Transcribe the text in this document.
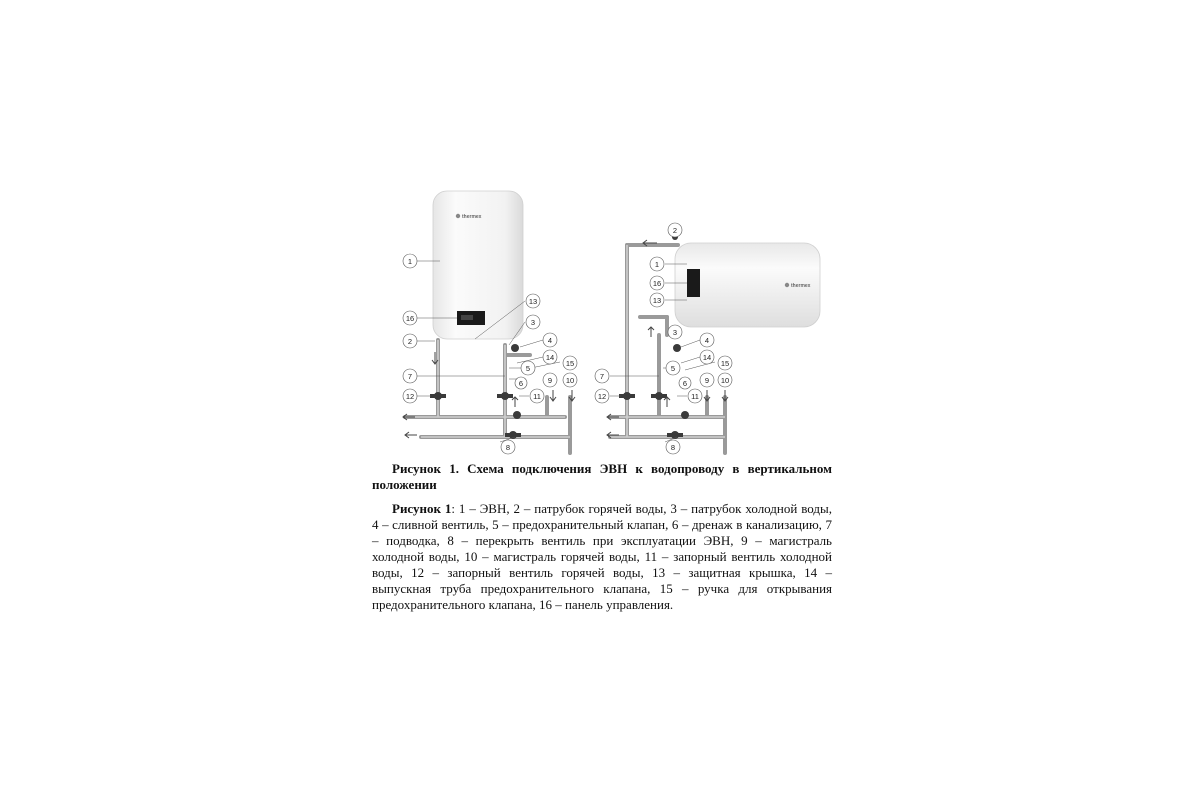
thermex
1
16
2
7
12
13
3
4
14
15
5
9 10
11
8
6
thermex
2
1
16
13
3
4
14
15
5
7
12	11
9 10
8
6

Рисунок 1. Схема подключения ЭВН к водопроводу в вертикальном положении

Рисунок 1: 1 – ЭВН, 2 – патрубок горячей воды, 3 – патрубок холодной воды, 4 – сливной вентиль, 5 – предохранительный клапан, 6 – дренаж в канализацию, 7 – подводка, 8 – перекрыть вентиль при эксплуатации ЭВН, 9 – магистраль холодной воды, 10 – магистраль горячей воды, 11 – запорный вентиль холодной воды, 12 – запорный вентиль горячей воды, 13 – защитная крышка, 14 – выпускная труба предохранительного клапана, 15 – ручка для открывания предохранительного клапана, 16 – панель управления.
